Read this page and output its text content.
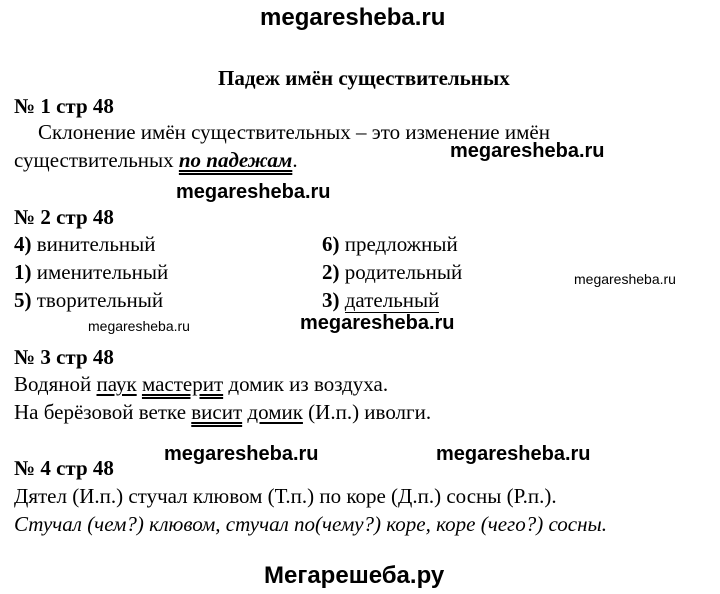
megaresheba.ru
Падеж имён существительных
№ 1 стр 48
Склонение имён существительных – это изменение имён
существительных по падежам.	megaresheba.ru
megaresheba.ru
№ 2 стр 48
4) винительный	6) предложный
1) именительный	2) родительный
5) творительный	3) дательный
megaresheba.ru
megaresheba.ru	megaresheba.ru
№ 3 стр 48
Водяной паук мастерит домик из воздуха.
На берёзовой ветке висит домик (И.п.) иволги.
№ 4 стр 48
megaresheba.ru	megaresheba.ru
Дятел (И.п.) стучал клювом (Т.п.) по коре (Д.п.) сосны (Р.п.).
Стучал (чем?) клювом, стучал по(чему?) коре, коре (чего?) сосны.
Мегарешеба.ру
